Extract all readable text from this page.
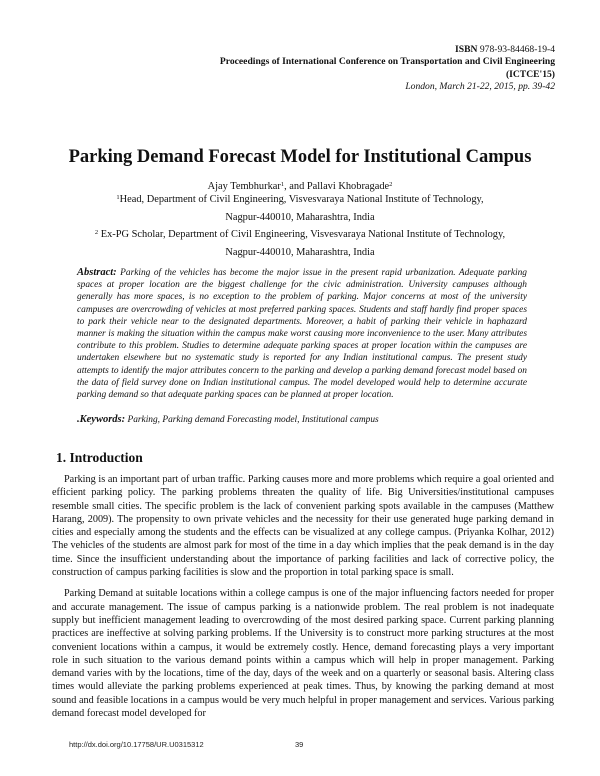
ISBN 978-93-84468-19-4
Proceedings of International Conference on Transportation and Civil Engineering
(ICTCE'15)
London, March 21-22, 2015, pp. 39-42
Parking Demand Forecast Model for Institutional Campus
Ajay Tembhurkar$^1$, and Pallavi Khobragade$^2$
$^1$Head, Department of Civil Engineering, Visvesvaraya National Institute of Technology,
Nagpur-440010, Maharashtra, India
$^2$ Ex-PG Scholar, Department of Civil Engineering, Visvesvaraya National Institute of Technology,
Nagpur-440010, Maharashtra, India
Abstract: Parking of the vehicles has become the major issue in the present rapid urbanization. Adequate parking spaces at proper location are the biggest challenge for the civic administration. University campuses although generally has more spaces, is no exception to the problem of parking. Major concerns at most of the university campuses are overcrowding of vehicles at most preferred parking spaces. Students and staff hardly find proper spaces to park their vehicle near to the designated departments. Moreover, a habit of parking their vehicle in haphazard manner is making the situation within the campus make worst causing more inconvenience to the user. Many attributes contribute to this problem. Studies to determine adequate parking spaces at proper location within the campuses are undertaken elsewhere but no systematic study is reported for any Indian institutional campus. The present study attempts to identify the major attributes concern to the parking and develop a parking demand forecast model based on the data of field survey done on Indian institutional campus. The model developed would help to determine accurate parking demand so that adequate parking spaces can be planned at proper location.
.Keywords: Parking, Parking demand Forecasting model, Institutional campus
1. Introduction

Parking is an important part of urban traffic. Parking causes more and more problems which require a goal oriented and efficient parking policy. The parking problems threaten the quality of life. Big Universities/institutional campuses resemble small cities. The specific problem is the lack of convenient parking spots available in the campuses (Matthew Harang, 2009). The propensity to own private vehicles and the necessity for their use generated huge parking demand in cities and especially among the students and the effects can be visualized at any college campus. (Priyanka Kolhar, 2012) The vehicles of the students are almost park for most of the time in a day which implies that the peak demand is in the day time. Since the insufficient understanding about the importance of parking facilities and lack of corrective policy, the construction of campus parking facilities is slow and the proportion in total parking space is small.

Parking Demand at suitable locations within a college campus is one of the major influencing factors needed for proper and accurate management. The issue of campus parking is a nationwide problem. The real problem is not inadequate supply but inefficient management leading to overcrowding of the most desired parking space. Current parking planning practices are ineffective at solving parking problems. If the University is to construct more parking structures at the most convenient locations within a campus, it would be extremely costly. Hence, demand forecasting plays a very important role in such situation to the various demand points within a campus which will help in proper management. Parking demand varies with by the locations, time of the day, days of the week and on a quarterly or seasonal basis. Altering class times would alleviate the parking problems experienced at peak times. Thus, by knowing the parking demand at most sound and feasible locations in a campus would be very much helpful in proper management and services. Various parking demand forecast model developed for

http://dx.doi.org/10.17758/UR.U0315312	39
